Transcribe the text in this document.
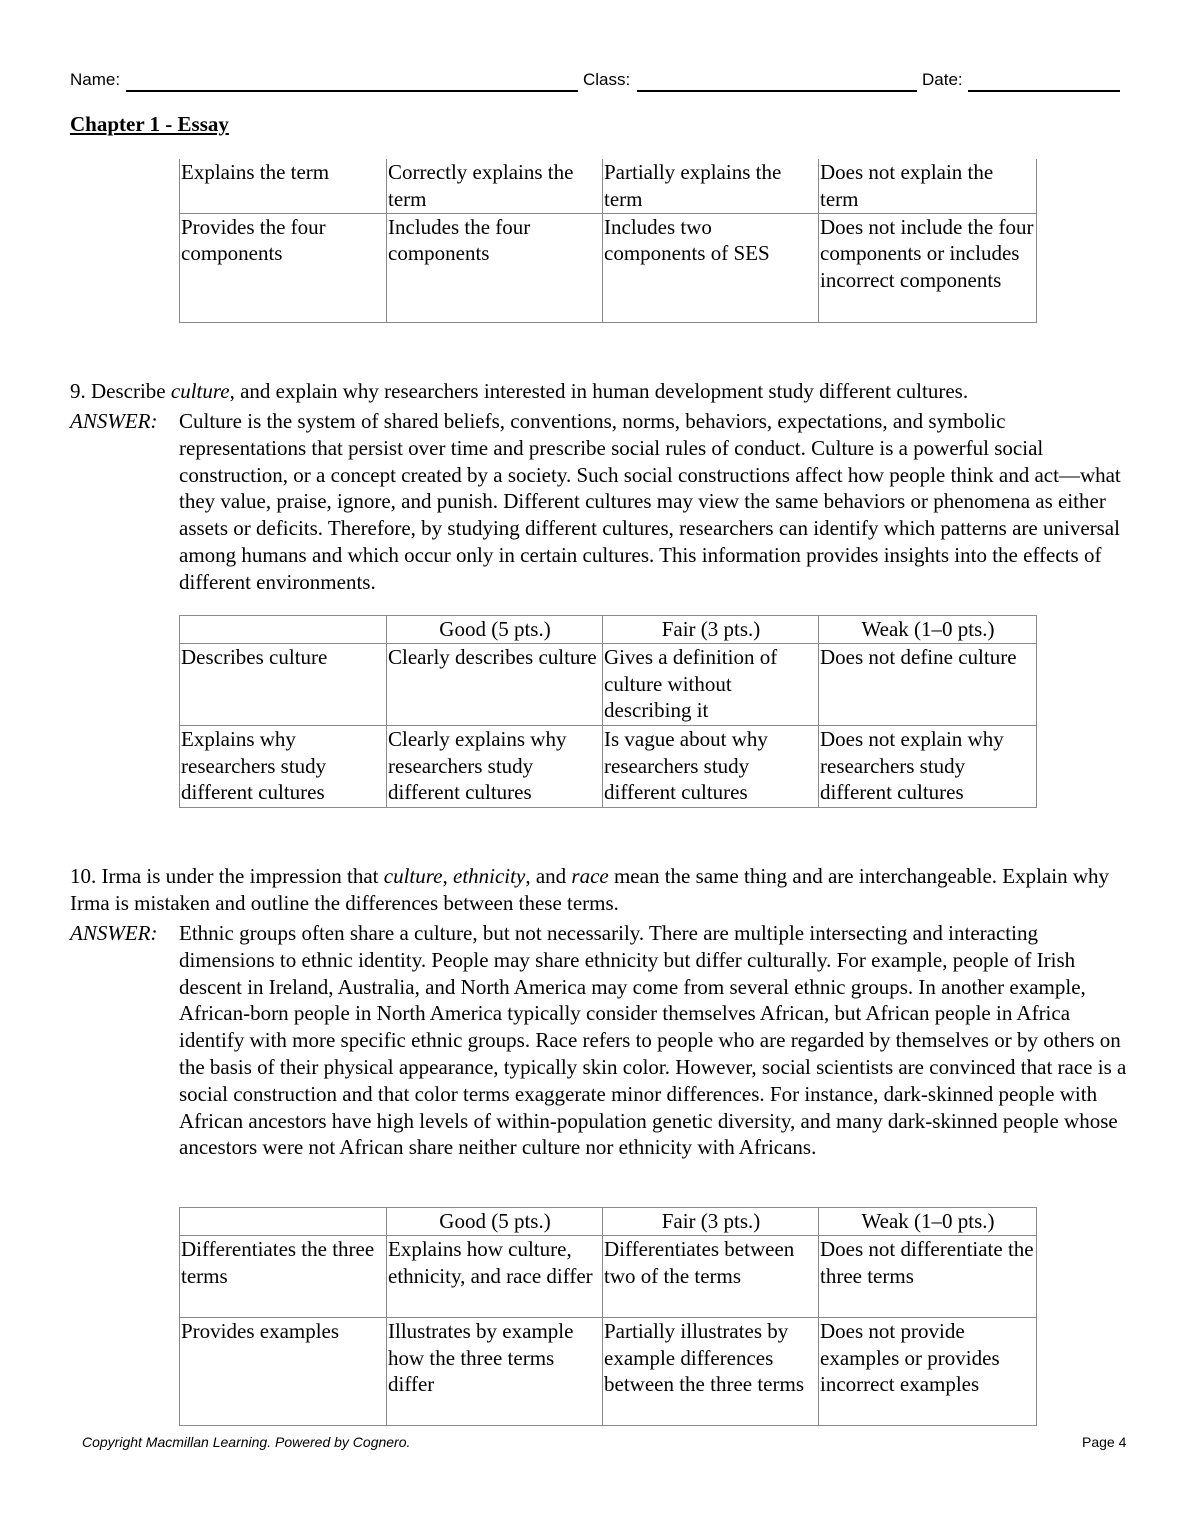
Name:	Class:	Date:
Chapter 1 - Essay
Explains the term	Correctly explains the term	Partially explains the term	Does not explain the term
Provides the four components	Includes the four components	Includes two components of SES	Does not include the four components or includes incorrect components
9. Describe culture, and explain why researchers interested in human development study different cultures.
ANSWER: Culture is the system of shared beliefs, conventions, norms, behaviors, expectations, and symbolic representations that persist over time and prescribe social rules of conduct. Culture is a powerful social construction, or a concept created by a society. Such social constructions affect how people think and act—what they value, praise, ignore, and punish. Different cultures may view the same behaviors or phenomena as either assets or deficits. Therefore, by studying different cultures, researchers can identify which patterns are universal among humans and which occur only in certain cultures. This information provides insights into the effects of different environments.
	Good (5 pts.)	Fair (3 pts.)	Weak (1–0 pts.)
Describes culture	Clearly describes culture	Gives a definition of culture without describing it	Does not define culture
Explains why researchers study different cultures	Clearly explains why researchers study different cultures	Is vague about why researchers study different cultures	Does not explain why researchers study different cultures
10. Irma is under the impression that culture, ethnicity, and race mean the same thing and are interchangeable. Explain why Irma is mistaken and outline the differences between these terms.
ANSWER: Ethnic groups often share a culture, but not necessarily. There are multiple intersecting and interacting dimensions to ethnic identity. People may share ethnicity but differ culturally. For example, people of Irish descent in Ireland, Australia, and North America may come from several ethnic groups. In another example, African-born people in North America typically consider themselves African, but African people in Africa identify with more specific ethnic groups. Race refers to people who are regarded by themselves or by others on the basis of their physical appearance, typically skin color. However, social scientists are convinced that race is a social construction and that color terms exaggerate minor differences. For instance, dark-skinned people with African ancestors have high levels of within-population genetic diversity, and many dark-skinned people whose ancestors were not African share neither culture nor ethnicity with Africans.
	Good (5 pts.)	Fair (3 pts.)	Weak (1–0 pts.)
Differentiates the three terms	Explains how culture, ethnicity, and race differ	Differentiates between two of the terms	Does not differentiate the three terms
Provides examples	Illustrates by example how the three terms differ	Partially illustrates by example differences between the three terms	Does not provide examples or provides incorrect examples
Copyright Macmillan Learning. Powered by Cognero.	Page 4
